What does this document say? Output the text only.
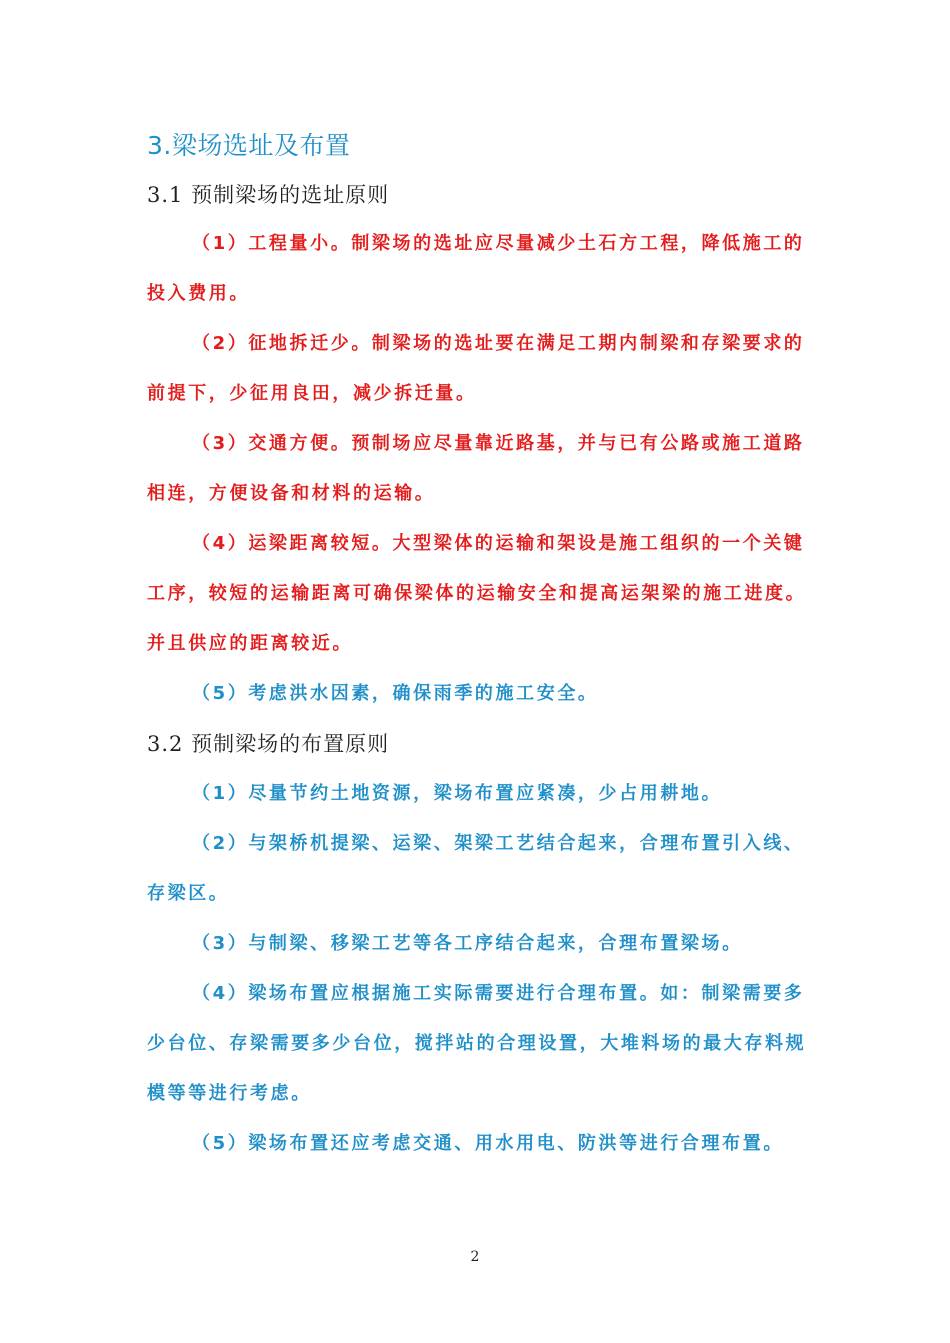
3.梁场选址及布置
3.1 预制梁场的选址原则
（1）工程量小。制梁场的选址应尽量减少土石方工程，降低施工的
投入费用。
（2）征地拆迁少。制梁场的选址要在满足工期内制梁和存梁要求的
前提下，少征用良田，减少拆迁量。
（3）交通方便。预制场应尽量靠近路基，并与已有公路或施工道路
相连，方便设备和材料的运输。
（4）运梁距离较短。大型梁体的运输和架设是施工组织的一个关键
工序，较短的运输距离可确保梁体的运输安全和提高运架梁的施工进度。
并且供应的距离较近。
（5）考虑洪水因素，确保雨季的施工安全。
3.2 预制梁场的布置原则
（1）尽量节约土地资源，梁场布置应紧凑，少占用耕地。
（2）与架桥机提梁、运梁、架梁工艺结合起来，合理布置引入线、
存梁区。
（3）与制梁、移梁工艺等各工序结合起来，合理布置梁场。
（4）梁场布置应根据施工实际需要进行合理布置。如：制梁需要多
少台位、存梁需要多少台位，搅拌站的合理设置，大堆料场的最大存料规
模等等进行考虑。
（5）梁场布置还应考虑交通、用水用电、防洪等进行合理布置。
2
